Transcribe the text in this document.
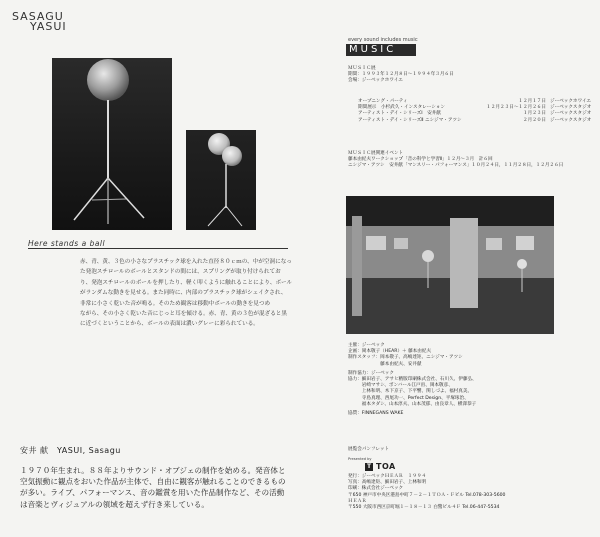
SASAGU
YASUI
Here stands a ball
赤、青、黄、３色の小さなプラスチック球を入れた直径８０ｃｍの、中が空洞になっ
た発泡スチロールのボールとスタンドの間には、スプリングが取り付けられてお
り、発泡スチロールのボールを押したり、軽く叩くように触れることにより、ボール
がランダムな動きを見せる。また同時に、内部のプラスチック球がシェイクされ、
非常に小さく乾いた音が鳴る。そのため観客は移動中ボールの動きを見つめ
ながら、その小さく乾いた音にじっと耳を傾ける。赤、青、黄の３色が混ざると黒
に近づくということから、ボールの表面は濃いグレーに彩られている。
安井 献　YASUI, Sasagu
１９７０年生まれ。８８年よりサウンド・オブジェの制作を始める。発音体と
空気振動に観点をおいた作品が主体で、自由に観客が触れることのできるもの
が多い。ライブ、パフォーマンス、音の鑑賞を用いた作品制作など、その活動
は音楽とヴィジュアルの領域を超えず行き来している。
every sound includes music
MUSIC
ＭＵＳＩＣ展
期間：１９９３年１２月８日～１９９４年３月６日
会場：ジーベックホワイエ
オープニング・パーティ	１２月１７日 ジーベックホワイエ
期間展示　小杉武久・インスタレーション	１２月２３日～１２月２６日 ジーベックスタジオ
アーティスト・デイ・シリーズⅠ　安井献	１月２３日 ジーベックスタジオ
アーティスト・デイ・シリーズⅡ ニシジマ・アツシ	２月２０日 ジーベックスタジオ
ＭＵＳＩＣ展関連イベント
藤本由紀夫ワークショップ「音の科学と学習Ⅱ」１２月～３月　計６回
ニシジマ・アツシ　安井献「マンスリー・パフォーマンス」１０月２４日，１１月２８日，１２月２６日
主催：ジーベック
企画：岡本敬子（HEAR）＋ 藤本由紀夫
制作スタッフ：岡本敬子、高嶋達矩、ニシジマ・アツシ
　　　　　　　藤本由紀夫、安井献
制作協力：ジーベック
協力：細田岩子、アサヒ精版印刷株式会社、石川久、伊藤弘、
　　　岩崎マサシ、ボンバール江戸宙、岡本敬彦、
　　　上林和明、木下京子、下平響、関しづよ、福村真美、
　　　寺島真理、西尾功一、Perfect Design、平塚琢治、
　　　福本タダシ、山本淳夫、山本茂郁、由良章人、横澤恭子
協賛：FINNEGANS WAKE
展覧会パンフレット
Presented by
T TOA
発行：ジーベックＨＥＡＲ　１９９４
写真：高嶋達矩、細田岩子、上林和明
印刷：株式会社ジーベック
〒650 神戸市中央区港島中町７－２－１ＴＯＡ・Ｆビル Tel.078-303-5600
ＨＥＡＲ
〒550 大阪市西区京町堀１－１８－１３ 白鷺ビル４Ｆ Tel.06-447-5534
